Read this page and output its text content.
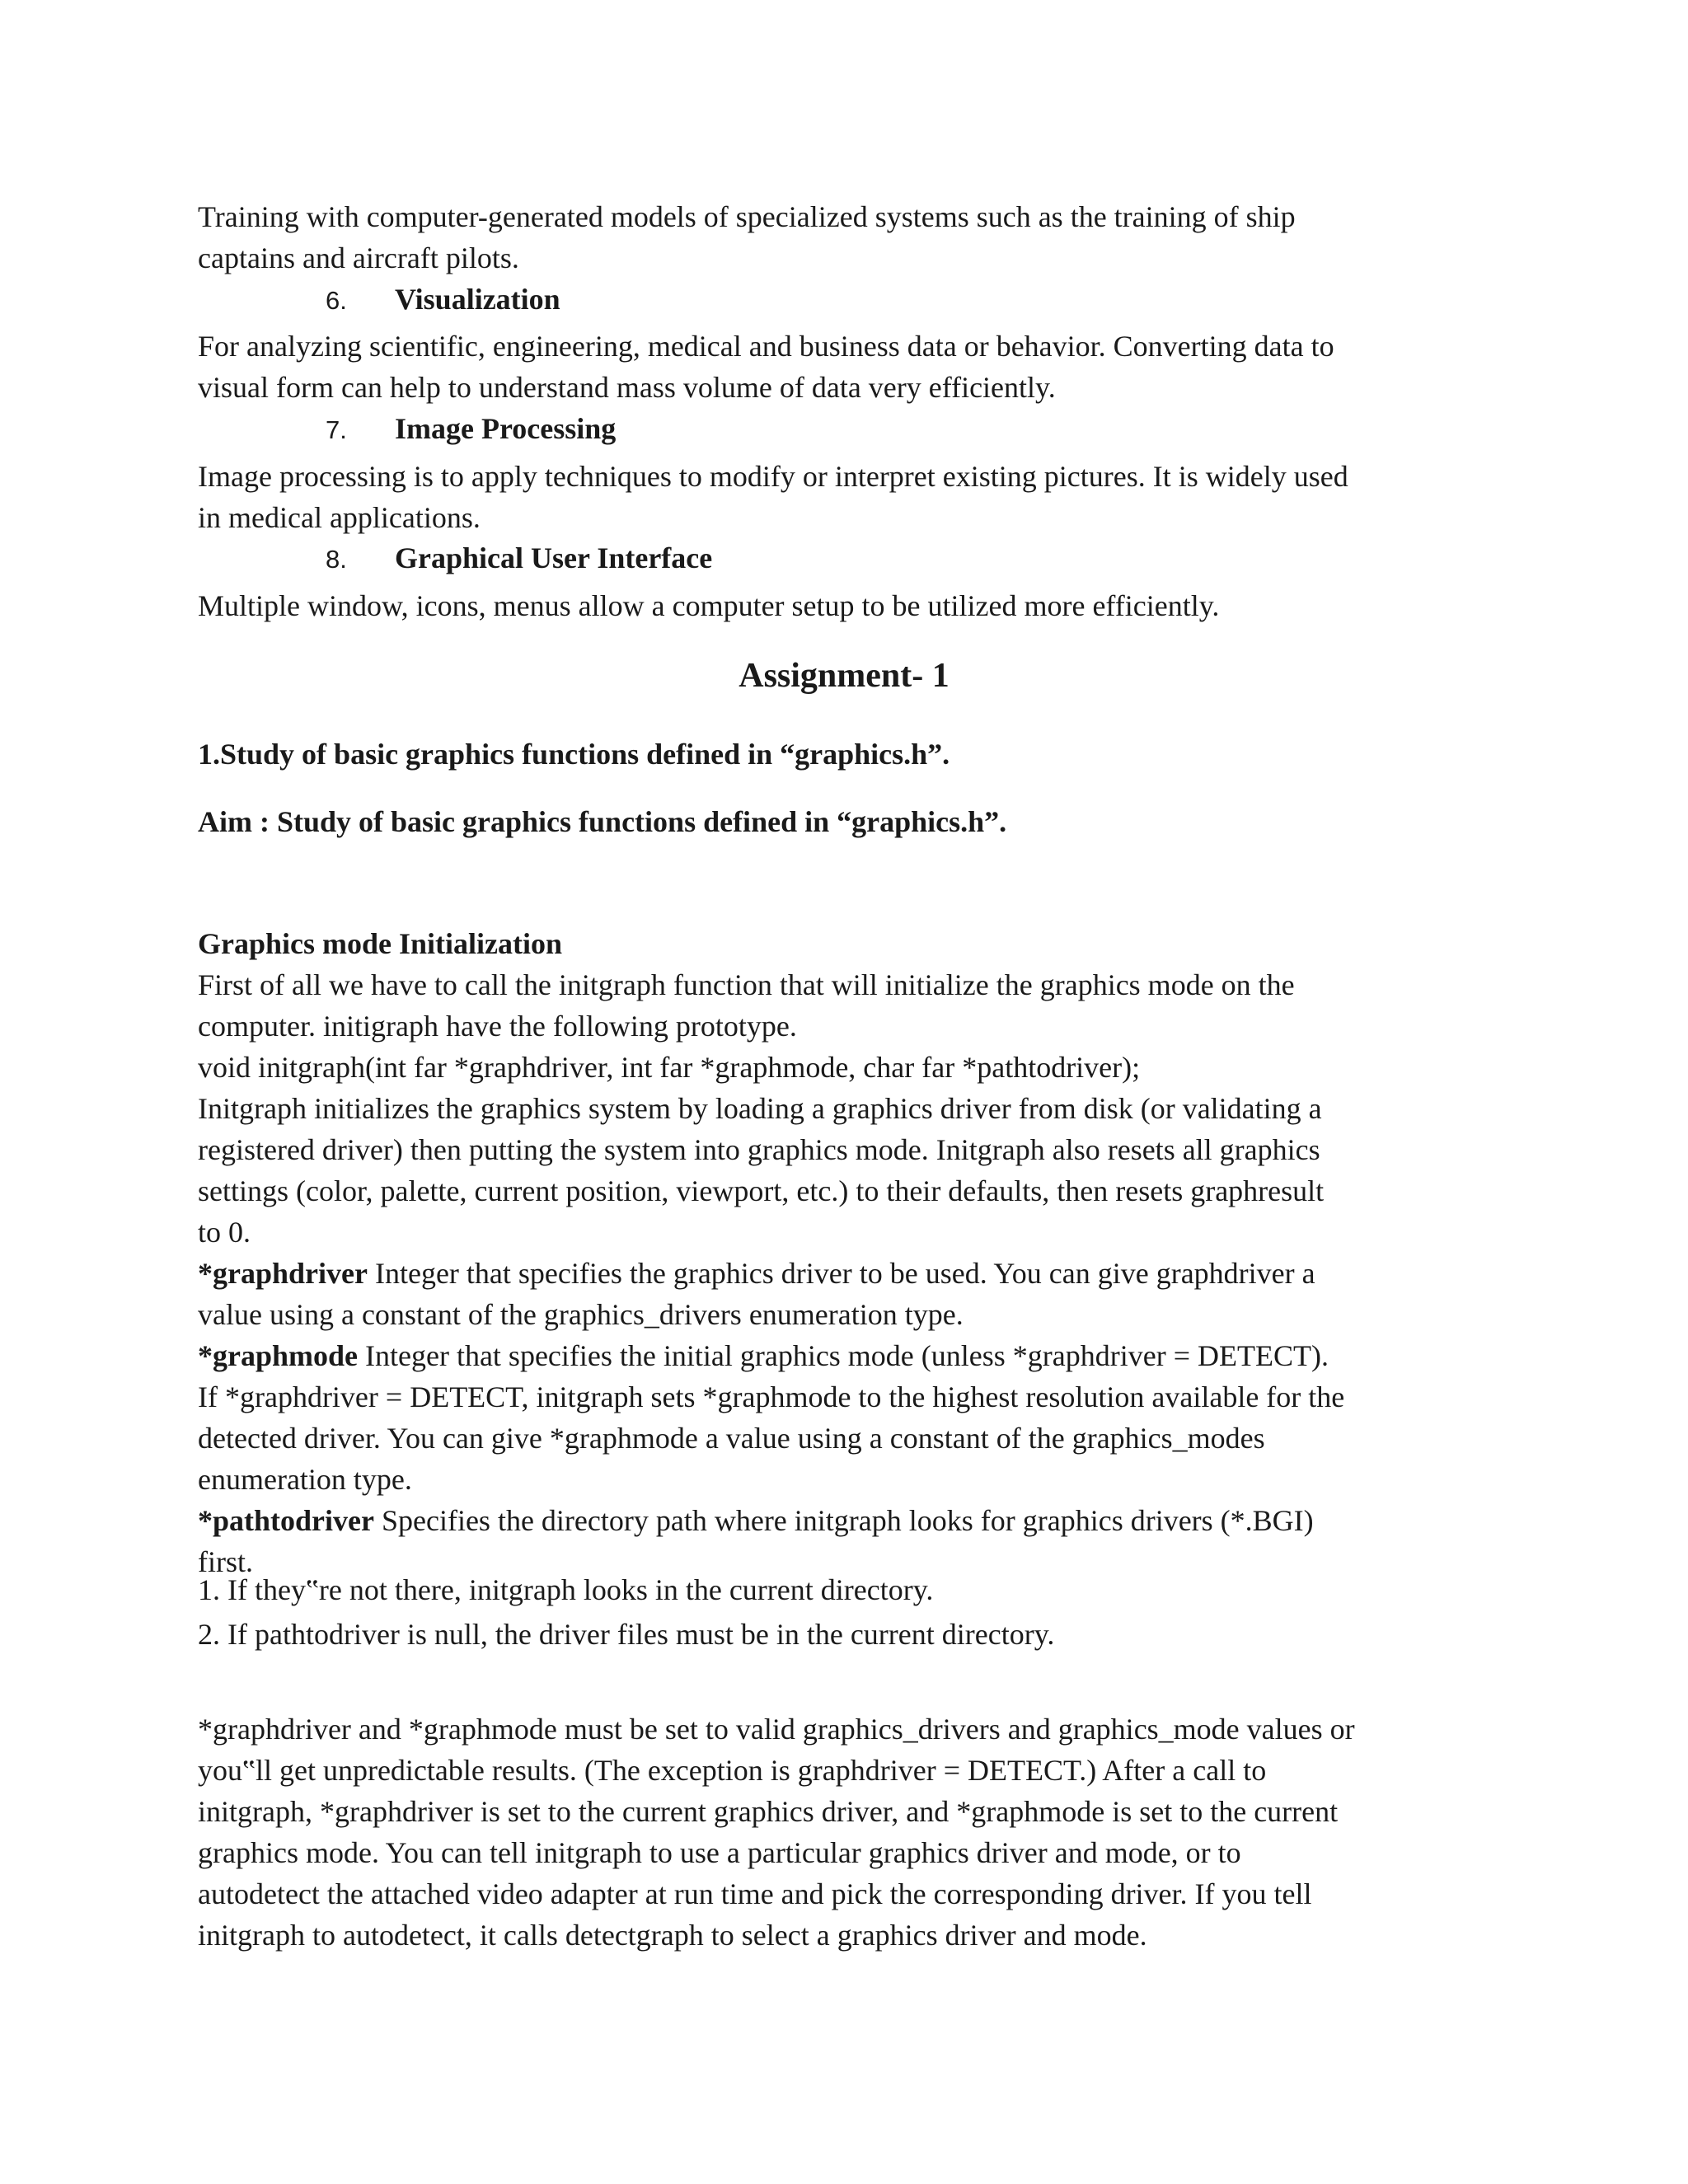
Training with computer-generated models of specialized systems such as the training of ship
captains and aircraft pilots.

6. Visualization

For analyzing scientific, engineering, medical and business data or behavior. Converting data to
visual form can help to understand mass volume of data very efficiently.

7. Image Processing

Image processing is to apply techniques to modify or interpret existing pictures. It is widely used
in medical applications.

8. Graphical User Interface

Multiple window, icons, menus allow a computer setup to be utilized more efficiently.

Assignment- 1

1.Study of basic graphics functions defined in “graphics.h”.

Aim : Study of basic graphics functions defined in “graphics.h”.

Graphics mode Initialization

First of all we have to call the initgraph function that will initialize the graphics mode on the
computer. initigraph have the following prototype.
void initgraph(int far *graphdriver, int far *graphmode, char far *pathtodriver);
Initgraph initializes the graphics system by loading a graphics driver from disk (or validating a
registered driver) then putting the system into graphics mode. Initgraph also resets all graphics
settings (color, palette, current position, viewport, etc.) to their defaults, then resets graphresult
to 0.
*graphdriver Integer that specifies the graphics driver to be used. You can give graphdriver a
value using a constant of the graphics_drivers enumeration type.
*graphmode Integer that specifies the initial graphics mode (unless *graphdriver = DETECT).
If *graphdriver = DETECT, initgraph sets *graphmode to the highest resolution available for the
detected driver. You can give *graphmode a value using a constant of the graphics_modes
enumeration type.
*pathtodriver Specifies the directory path where initgraph looks for graphics drivers (*.BGI)
first.

1. If they‟re not there, initgraph looks in the current directory.
2. If pathtodriver is null, the driver files must be in the current directory.

*graphdriver and *graphmode must be set to valid graphics_drivers and graphics_mode values or
you‟ll get unpredictable results. (The exception is graphdriver = DETECT.) After a call to
initgraph, *graphdriver is set to the current graphics driver, and *graphmode is set to the current
graphics mode. You can tell initgraph to use a particular graphics driver and mode, or to
autodetect the attached video adapter at run time and pick the corresponding driver. If you tell
initgraph to autodetect, it calls detectgraph to select a graphics driver and mode.
